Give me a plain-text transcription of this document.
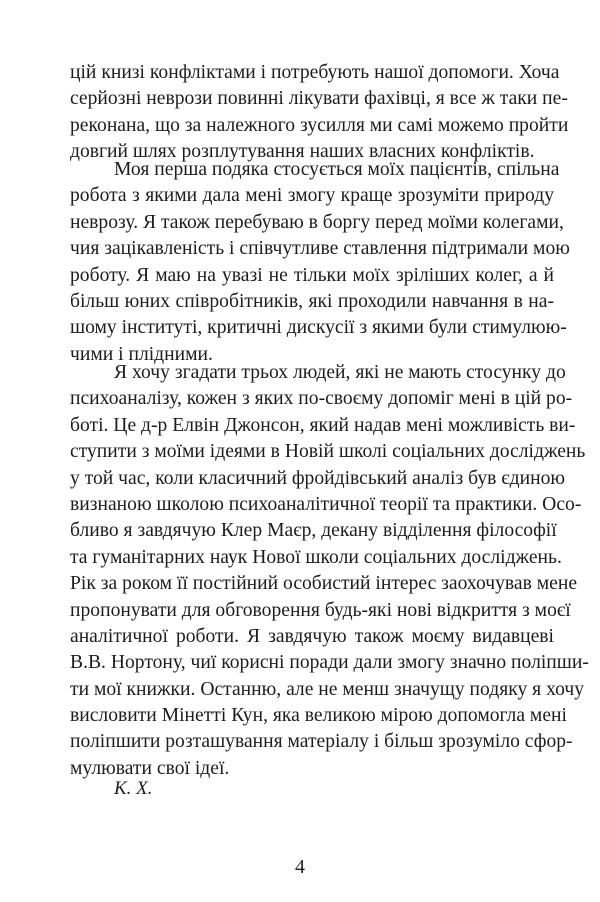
цій книзі конфліктами і потребують нашої допомоги. Хоча
серйозні неврози повинні лікувати фахівці, я все ж таки пе-
реконана, що за належного зусилля ми самі можемо пройти
довгий шлях розплутування наших власних конфліктів.
Моя перша подяка стосується моїх пацієнтів, спільна
робота з якими дала мені змогу краще зрозуміти природу
неврозу. Я також перебуваю в боргу перед моїми колегами,
чия зацікавленість і співчутливе ставлення підтримали мою
роботу. Я маю на увазі не тільки моїх зріліших колег, а й
більш юних співробітників, які проходили навчання в на-
шому інституті, критичні дискусії з якими були стимулюю-
чими і плідними.
Я хочу згадати трьох людей, які не мають стосунку до
психоаналізу, кожен з яких по-своєму допоміг мені в цій ро-
боті. Це д-р Елвін Джонсон, який надав мені можливість ви-
ступити з моїми ідеями в Новій школі соціальних досліджень
у той час, коли класичний фройдівський аналіз був єдиною
визнаною школою психоаналітичної теорії та практики. Осо-
бливо я завдячую Клер Маєр, декану відділення філософії
та гуманітарних наук Нової школи соціальних досліджень.
Рік за роком її постійний особистий інтерес заохочував мене
пропонувати для обговорення будь-які нові відкриття з моєї
аналітичної роботи. Я завдячую також моєму видавцеві
В.В. Нортону, чиї корисні поради дали змогу значно поліпши-
ти мої книжки. Останню, але не менш значущу подяку я хочу
висловити Мінетті Кун, яка великою мірою допомогла мені
поліпшити розташування матеріалу і більш зрозуміло сфор-
мулювати свої ідеї.
К. Х.
4
